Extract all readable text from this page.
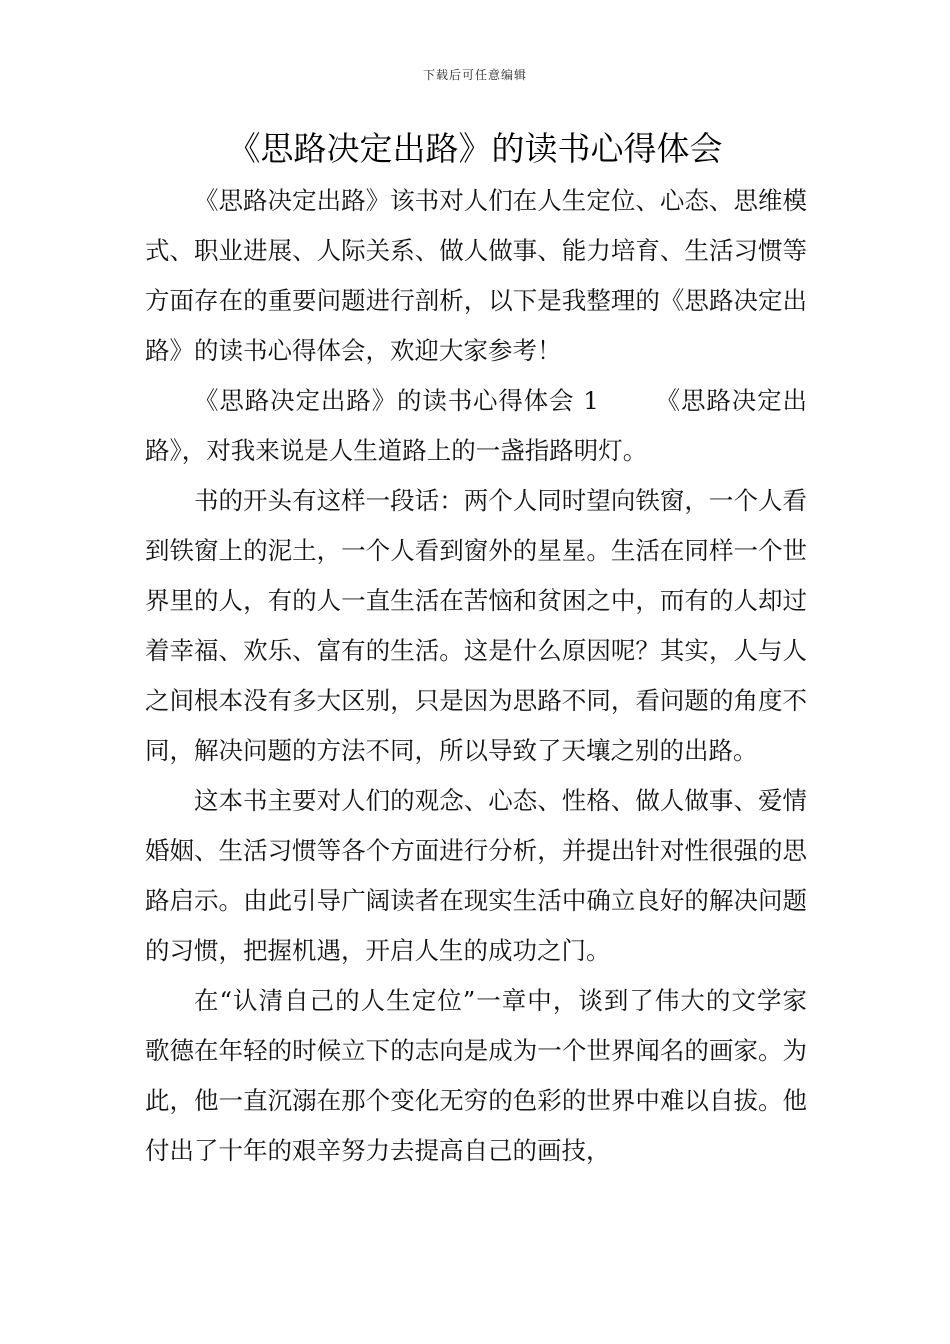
下载后可任意编辑
《思路决定出路》的读书心得体会

《思路决定出路》该书对人们在人生定位、心态、思维模式、职业进展、人际关系、做人做事、能力培育、生活习惯等方面存在的重要问题进行剖析，以下是我整理的《思路决定出路》的读书心得体会，欢迎大家参考！

《思路决定出路》的读书心得体会 1 《思路决定出路》，对我来说是人生道路上的一盏指路明灯。

书的开头有这样一段话：两个人同时望向铁窗，一个人看到铁窗上的泥土，一个人看到窗外的星星。生活在同样一个世界里的人，有的人一直生活在苦恼和贫困之中，而有的人却过着幸福、欢乐、富有的生活。这是什么原因呢？其实，人与人之间根本没有多大区别，只是因为思路不同，看问题的角度不同，解决问题的方法不同，所以导致了天壤之别的出路。

这本书主要对人们的观念、心态、性格、做人做事、爱情婚姻、生活习惯等各个方面进行分析，并提出针对性很强的思路启示。由此引导广阔读者在现实生活中确立良好的解决问题的习惯，把握机遇，开启人生的成功之门。

在“认清自己的人生定位”一章中，谈到了伟大的文学家歌德在年轻的时候立下的志向是成为一个世界闻名的画家。为此，他一直沉溺在那个变化无穷的色彩的世界中难以自拔。他付出了十年的艰辛努力去提高自己的画技，
